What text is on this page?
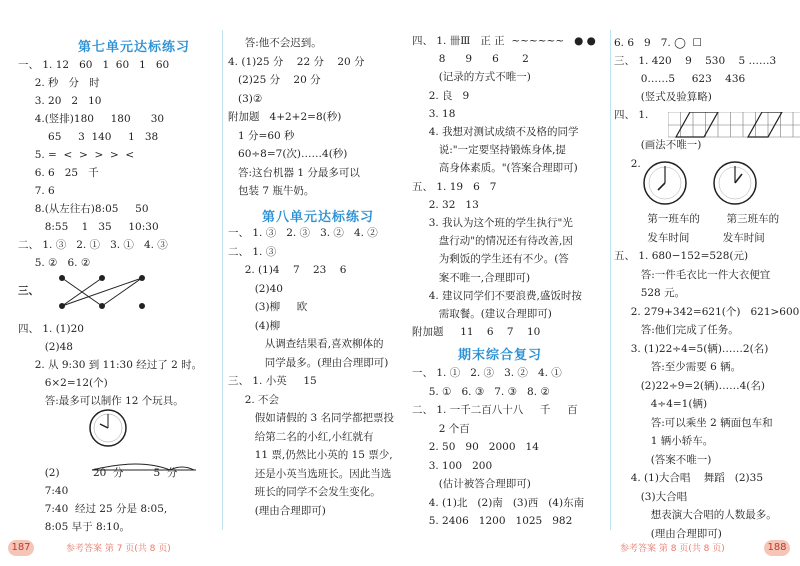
第七单元达标练习
一、 1. 12   60   1  60   1   60
2. 秒   分   时
3. 20   2   10
4.(竖排)180     180      30
65     3  140     1   38
5. =  <  >  >  >  <
6. 6   25   千
7. 6
8.(从左往右)8:05     50
8:55    1   35     10:30
二、 1. ③   2. ①   3. ①   4. ③
5. ②   6. ②
三、
四、 1. (1)20
(2)48
2. 从 9:30 到 11:30 经过了 2 时。
6×2=12(个)
答:最多可以制作 12 个玩具。
(2)          20  分         5  分
7:40
7:40  经过 25 分是 8:05,
8:05 早于 8:10。
答:他不会迟到。
4. (1)25 分    22 分    20 分
(2)25 分    20 分
(3)②
附加题   4+2+2=8(秒)
1 分=60 秒
60÷8=7(次)……4(秒)
答:这台机器 1 分最多可以
包装 7 瓶牛奶。
第八单元达标练习
一、 1. ③   2. ③   3. ②   4. ②
二、 1. ③
2. (1)4    7    23    6
(2)40
(3)柳     欧
(4)柳
从调查结果看,喜欢柳体的
同学最多。(理由合理即可)
三、 1. 小英     15
2. 不会
假如请假的 3 名同学都把票投
给第二名的小红,小红就有
11 票,仍然比小英的 15 票少,
还是小英当选班长。因此当选
班长的同学不会发生变化。
(理由合理即可)
187	参考答案 第 7 页(共 8 页)
四、 1. 卌Ⅲ   正 正  ~~~~~~   ● ●
8      9      6       2
(记录的方式不唯一)
2. 良   9
3. 18
4. 我想对测试成绩不及格的同学
说:"一定要坚持锻炼身体,提
高身体素质。"(答案合理即可)
五、 1. 19   6   7
2. 32   13
3. 我认为这个班的学生执行"光
盘行动"的情况还有待改善,因
为剩饭的学生还有不少。(答
案不唯一,合理即可)
4. 建议同学们不要浪费,盛饭时按
需取餐。(建议合理即可)
附加题     11    6    7    10
期末综合复习
一、 1. ①   2. ③   3. ②   4. ①
5. ①   6. ③   7. ③   8. ②
二、 1. 一千二百八十八     千     百
2 个百
2. 50   90   2000   14
3. 100   200
(估计被答合理即可)
4. (1)北   (2)南   (3)西   (4)东南
5. 2406   1200   1025   982
6. 6   9   7. ◯  ☐
三、 1. 420    9    530    5 ……3
0……5     623    436
(竖式及验算略)
四、 1.
(画法不唯一)
2.
第一班车的        第三班车的
发车时间          发车时间
五、 1. 680−152=528(元)
答:一件毛衣比一件大衣便宜
528 元。
2. 279+342=621(个)   621>600
答:他们完成了任务。
3. (1)22÷4=5(辆)……2(名)
答:至少需要 6 辆。
(2)22÷9=2(辆)……4(名)
4÷4=1(辆)
答:可以乘坐 2 辆面包车和
1 辆小轿车。
(答案不唯一)
4. (1)大合唱    舞蹈   (2)35
(3)大合唱
想表演大合唱的人数最多。
(理由合理即可)
参考答案 第 8 页(共 8 页)	188
